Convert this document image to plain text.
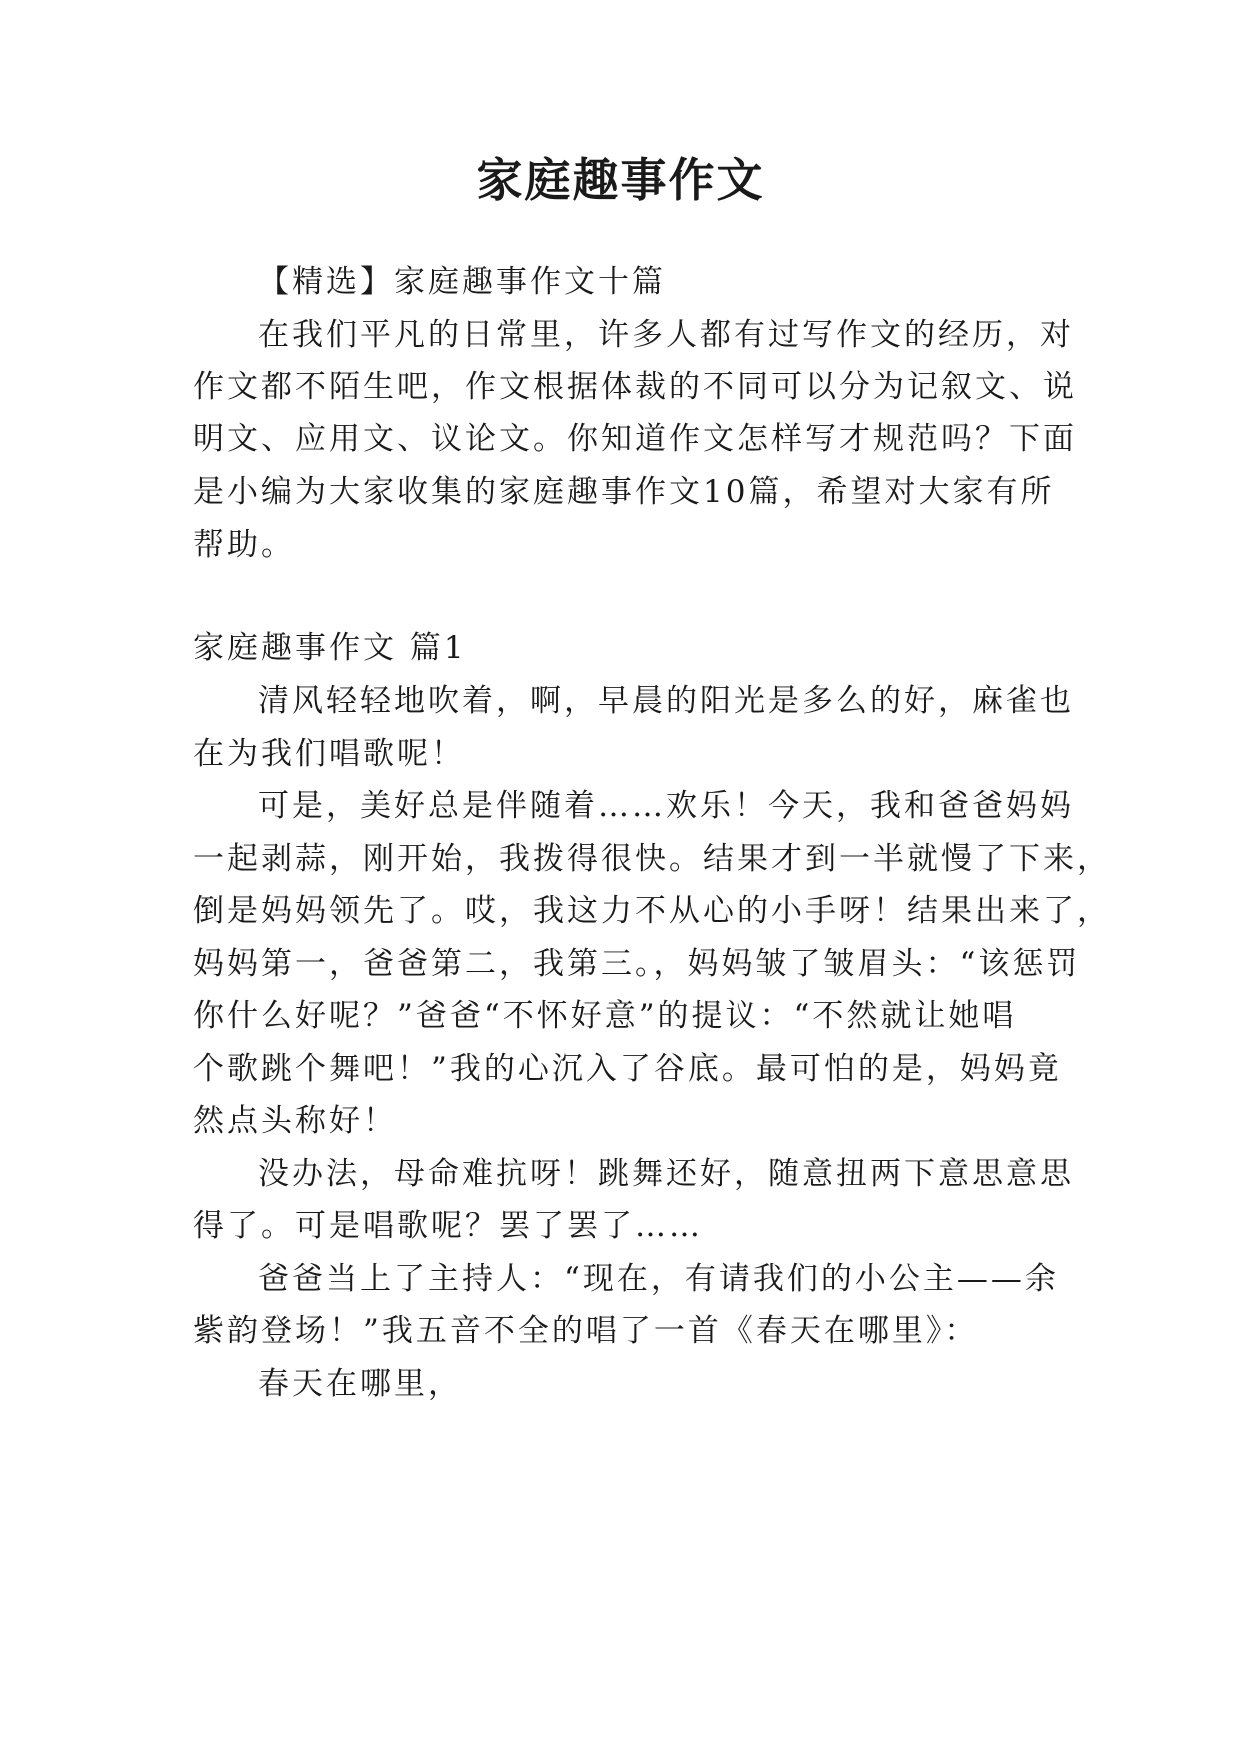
家庭趣事作文
【精选】家庭趣事作文十篇
在我们平凡的日常里，许多人都有过写作文的经历，对
作文都不陌生吧，作文根据体裁的不同可以分为记叙文、说
明文、应用文、议论文。你知道作文怎样写才规范吗？下面
是小编为大家收集的家庭趣事作文10篇，希望对大家有所
帮助。
家庭趣事作文 篇1
清风轻轻地吹着，啊，早晨的阳光是多么的好，麻雀也
在为我们唱歌呢！
可是，美好总是伴随着……欢乐！今天，我和爸爸妈妈
一起剥蒜，刚开始，我拨得很快。结果才到一半就慢了下来，
倒是妈妈领先了。哎，我这力不从心的小手呀！结果出来了，
妈妈第一，爸爸第二，我第三。，妈妈皱了皱眉头：“该惩罚
你什么好呢？”爸爸“不怀好意”的提议：“不然就让她唱
个歌跳个舞吧！”我的心沉入了谷底。最可怕的是，妈妈竟
然点头称好！
没办法，母命难抗呀！跳舞还好，随意扭两下意思意思
得了。可是唱歌呢？罢了罢了……
爸爸当上了主持人：“现在，有请我们的小公主——余
紫韵登场！”我五音不全的唱了一首《春天在哪里》：
春天在哪里，
